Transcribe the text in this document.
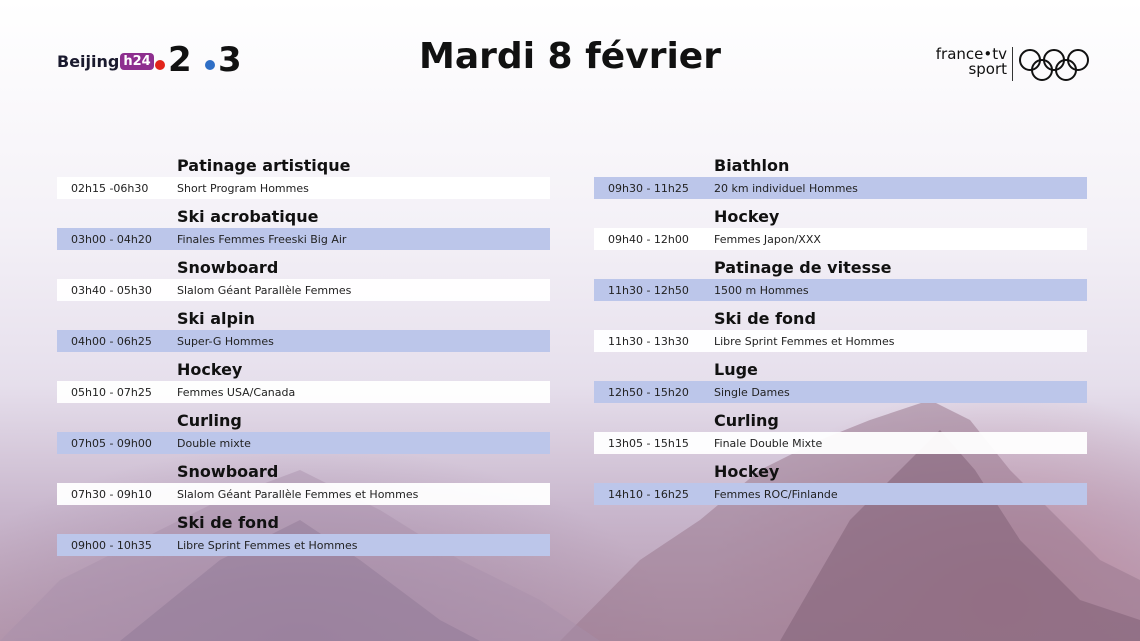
Beijing h24 2 3	Mardi 8 février	france•tv
sport
Patinage artistique
02h15 -06h30	Short Program Hommes
Ski acrobatique
03h00 - 04h20	Finales Femmes Freeski Big Air
Snowboard
03h40 - 05h30	Slalom Géant Parallèle Femmes
Ski alpin
04h00 - 06h25	Super-G Hommes
Hockey
05h10 - 07h25	Femmes USA/Canada
Curling
07h05 - 09h00	Double mixte
Snowboard
07h30 - 09h10	Slalom Géant Parallèle Femmes et Hommes
Ski de fond
09h00 - 10h35	Libre Sprint Femmes et Hommes
Biathlon
09h30 - 11h25	20 km individuel Hommes
Hockey
09h40 - 12h00	Femmes Japon/XXX
Patinage de vitesse
11h30 - 12h50	1500 m Hommes
Ski de fond
11h30 - 13h30	Libre Sprint Femmes et Hommes
Luge
12h50 - 15h20	Single Dames
Curling
13h05 - 15h15	Finale Double Mixte
Hockey
14h10 - 16h25	Femmes ROC/Finlande
